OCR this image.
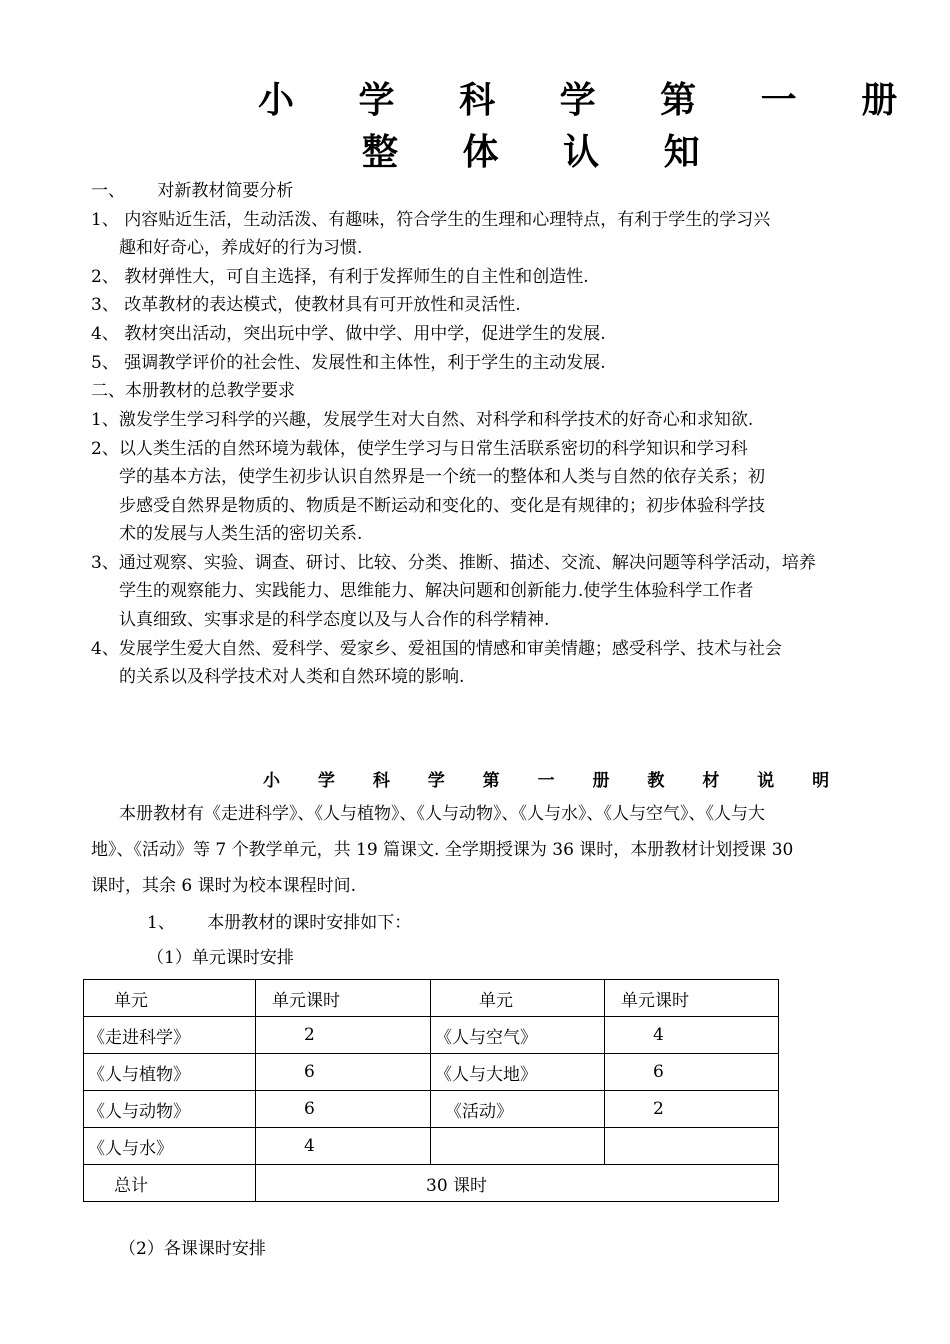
小 学 科 学 第 一 册
整 体 认 知
一、      对新教材简要分析
1、 内容贴近生活，生动活泼、有趣味，符合学生的生理和心理特点，有利于学生的学习兴
趣和好奇心，养成好的行为习惯.
2、 教材弹性大，可自主选择，有利于发挥师生的自主性和创造性.
3、 改革教材的表达模式，使教材具有可开放性和灵活性.
4、 教材突出活动，突出玩中学、做中学、用中学，促进学生的发展.
5、 强调教学评价的社会性、发展性和主体性，利于学生的主动发展.
二、本册教材的总教学要求
1、激发学生学习科学的兴趣，发展学生对大自然、对科学和科学技术的好奇心和求知欲.
2、以人类生活的自然环境为载体，使学生学习与日常生活联系密切的科学知识和学习科
学的基本方法，使学生初步认识自然界是一个统一的整体和人类与自然的依存关系；初
步感受自然界是物质的、物质是不断运动和变化的、变化是有规律的；初步体验科学技
术的发展与人类生活的密切关系.
3、通过观察、实验、调查、研讨、比较、分类、推断、描述、交流、解决问题等科学活动，培养
学生的观察能力、实践能力、思维能力、解决问题和创新能力.使学生体验科学工作者
认真细致、实事求是的科学态度以及与人合作的科学精神.
4、发展学生爱大自然、爱科学、爱家乡、爱祖国的情感和审美情趣；感受科学、技术与社会
的关系以及科学技术对人类和自然环境的影响.
小 学 科 学 第 一 册 教 材 说 明
本册教材有《走进科学》、《人与植物》、《人与动物》、《人与水》、《人与空气》、《人与大
地》、《活动》等 7 个教学单元，共 19 篇课文. 全学期授课为 36 课时，本册教材计划授课 30
课时，其余 6 课时为校本课程时间.
1、      本册教材的课时安排如下：
（1）单元课时安排
单元	单元课时	单元	单元课时
《走进科学》	2	《人与空气》	4
《人与植物》	6	《人与大地》	6
《人与动物》	6	《活动》	2
《人与水》	4		
总计	30 课时		
（2）各课课时安排
